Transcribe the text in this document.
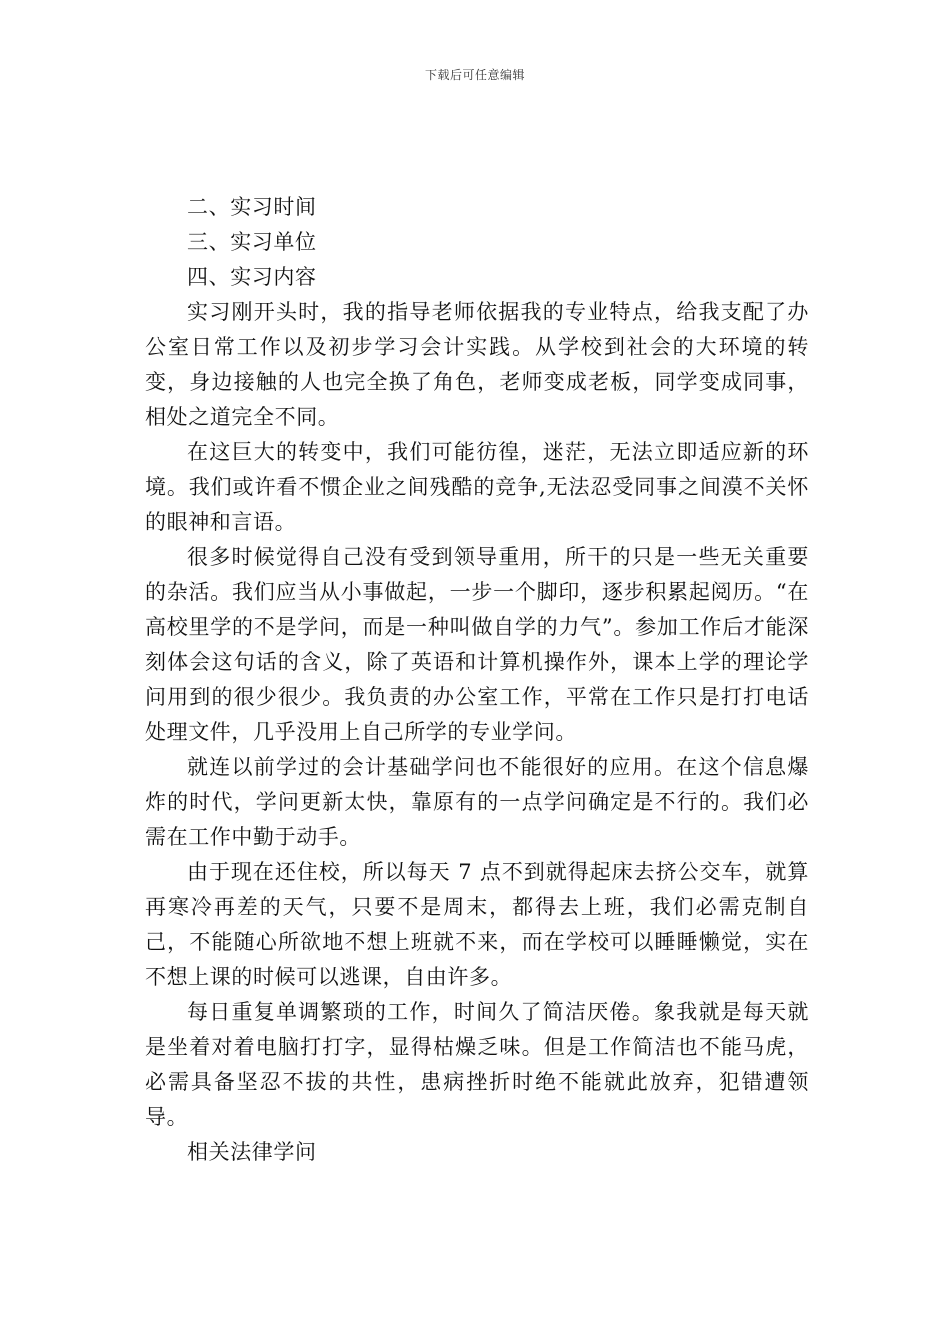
下载后可任意编辑

二、实习时间

三、实习单位

四、实习内容

实习刚开头时，我的指导老师依据我的专业特点，给我支配了办公室日常工作以及初步学习会计实践。从学校到社会的大环境的转变，身边接触的人也完全换了角色，老师变成老板，同学变成同事，相处之道完全不同。

在这巨大的转变中，我们可能彷徨，迷茫，无法立即适应新的环境。我们或许看不惯企业之间残酷的竞争,无法忍受同事之间漠不关怀的眼神和言语。

很多时候觉得自己没有受到领导重用，所干的只是一些无关重要的杂活。我们应当从小事做起，一步一个脚印，逐步积累起阅历。“在高校里学的不是学问，而是一种叫做自学的力气”。参加工作后才能深刻体会这句话的含义，除了英语和计算机操作外，课本上学的理论学问用到的很少很少。我负责的办公室工作，平常在工作只是打打电话处理文件，几乎没用上自己所学的专业学问。

就连以前学过的会计基础学问也不能很好的应用。在这个信息爆炸的时代，学问更新太快，靠原有的一点学问确定是不行的。我们必需在工作中勤于动手。

由于现在还住校，所以每天 7 点不到就得起床去挤公交车，就算再寒冷再差的天气，只要不是周末，都得去上班，我们必需克制自己，不能随心所欲地不想上班就不来，而在学校可以睡睡懒觉，实在不想上课的时候可以逃课，自由许多。

每日重复单调繁琐的工作，时间久了简洁厌倦。象我就是每天就是坐着对着电脑打打字，显得枯燥乏味。但是工作简洁也不能马虎，必需具备坚忍不拔的共性，患病挫折时绝不能就此放弃，犯错遭领导。

相关法律学问
